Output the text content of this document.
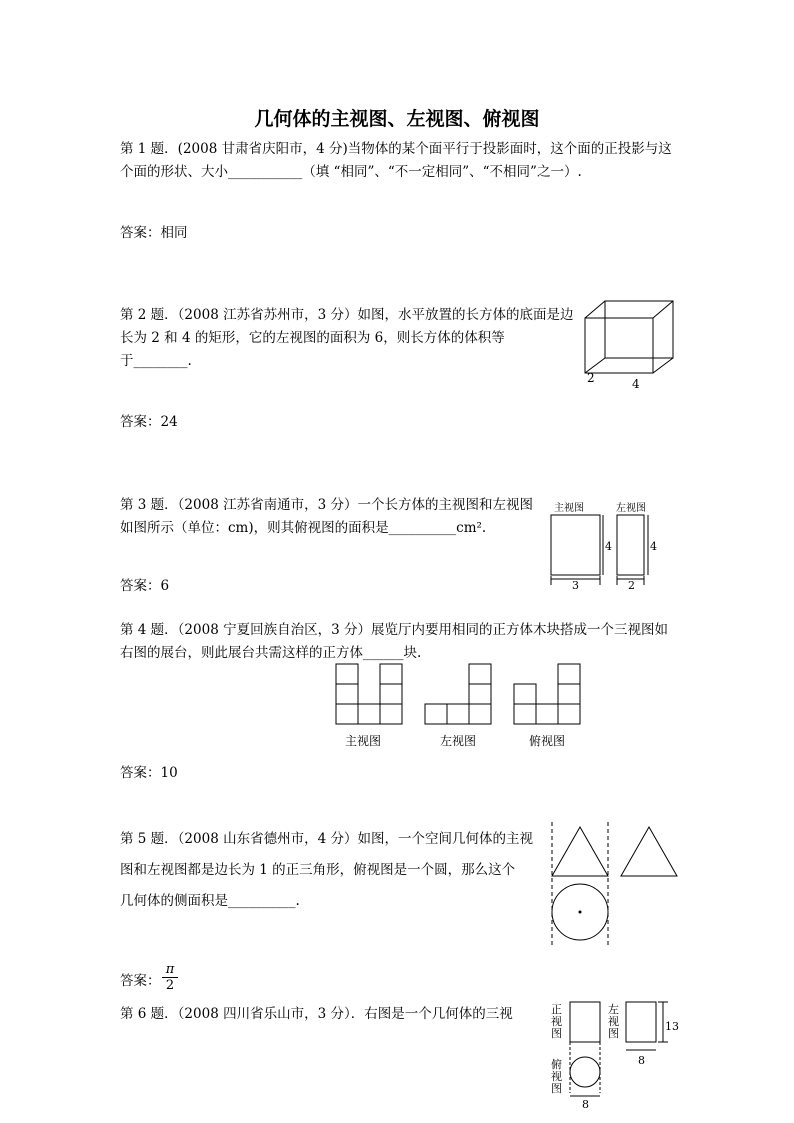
几何体的主视图、左视图、俯视图
第 1 题．(2008 甘肃省庆阳市，4 分)当物体的某个面平行于投影面时，这个面的正投影与这
个面的形状、大小___________（填 “相同”、“不一定相同”、“不相同”之一）.
答案：相同
第 2 题．（2008 江苏省苏州市，3 分）如图，水平放置的长方体的底面是边
长为 2 和 4 的矩形，它的左视图的面积为 6，则长方体的体积等
于________.
答案：24
2	4
第 3 题．（2008 江苏省南通市，3 分）一个长方体的主视图和左视图
如图所示（单位：cm)，则其俯视图的面积是__________cm².
答案：6
主视图	左视图
4
3
4
2
第 4 题．（2008 宁夏回族自治区，3 分）展览厅内要用相同的正方体木块搭成一个三视图如
右图的展台，则此展台共需这样的正方体______块.
答案：10
主视图	左视图	俯视图
第 5 题．（2008 山东省德州市，4 分）如图，一个空间几何体的主视
图和左视图都是边长为 1 的正三角形，俯视图是一个圆，那么这个
几何体的侧面积是__________.
答案： $\frac{\pi}{2}$
第 6 题．（2008 四川省乐山市，3 分）．右图是一个几何体的三视	正视图
左视图
俯视图
13
8
8
